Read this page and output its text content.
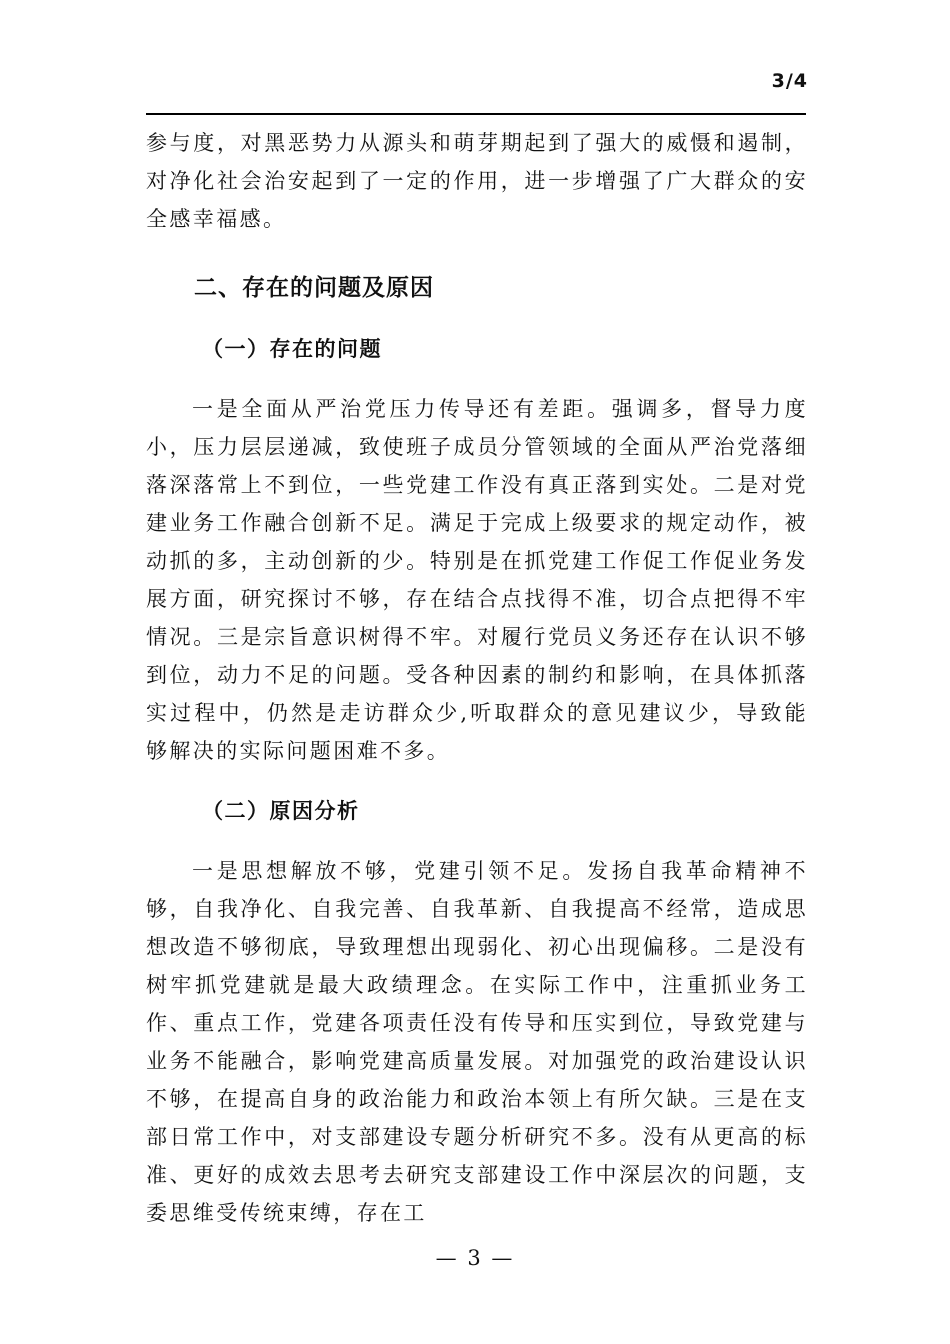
3/4

参与度，对黑恶势力从源头和萌芽期起到了强大的威慑和遏制，对净化社会治安起到了一定的作用，进一步增强了广大群众的安全感幸福感。

二、存在的问题及原因
（一）存在的问题

一是全面从严治党压力传导还有差距。强调多，督导力度小，压力层层递减，致使班子成员分管领域的全面从严治党落细落深落常上不到位，一些党建工作没有真正落到实处。二是对党建业务工作融合创新不足。满足于完成上级要求的规定动作，被动抓的多，主动创新的少。特别是在抓党建工作促工作促业务发展方面，研究探讨不够，存在结合点找得不准，切合点把得不牢情况。三是宗旨意识树得不牢。对履行党员义务还存在认识不够到位，动力不足的问题。受各种因素的制约和影响，在具体抓落实过程中，仍然是走访群众少,听取群众的意见建议少，导致能够解决的实际问题困难不多。

（二）原因分析

一是思想解放不够，党建引领不足。发扬自我革命精神不够，自我净化、自我完善、自我革新、自我提高不经常，造成思想改造不够彻底，导致理想出现弱化、初心出现偏移。二是没有树牢抓党建就是最大政绩理念。在实际工作中，注重抓业务工作、重点工作，党建各项责任没有传导和压实到位，导致党建与业务不能融合，影响党建高质量发展。对加强党的政治建设认识不够，在提高自身的政治能力和政治本领上有所欠缺。三是在支部日常工作中，对支部建设专题分析研究不多。没有从更高的标准、更好的成效去思考去研究支部建设工作中深层次的问题，支委思维受传统束缚，存在工

— 3 —
